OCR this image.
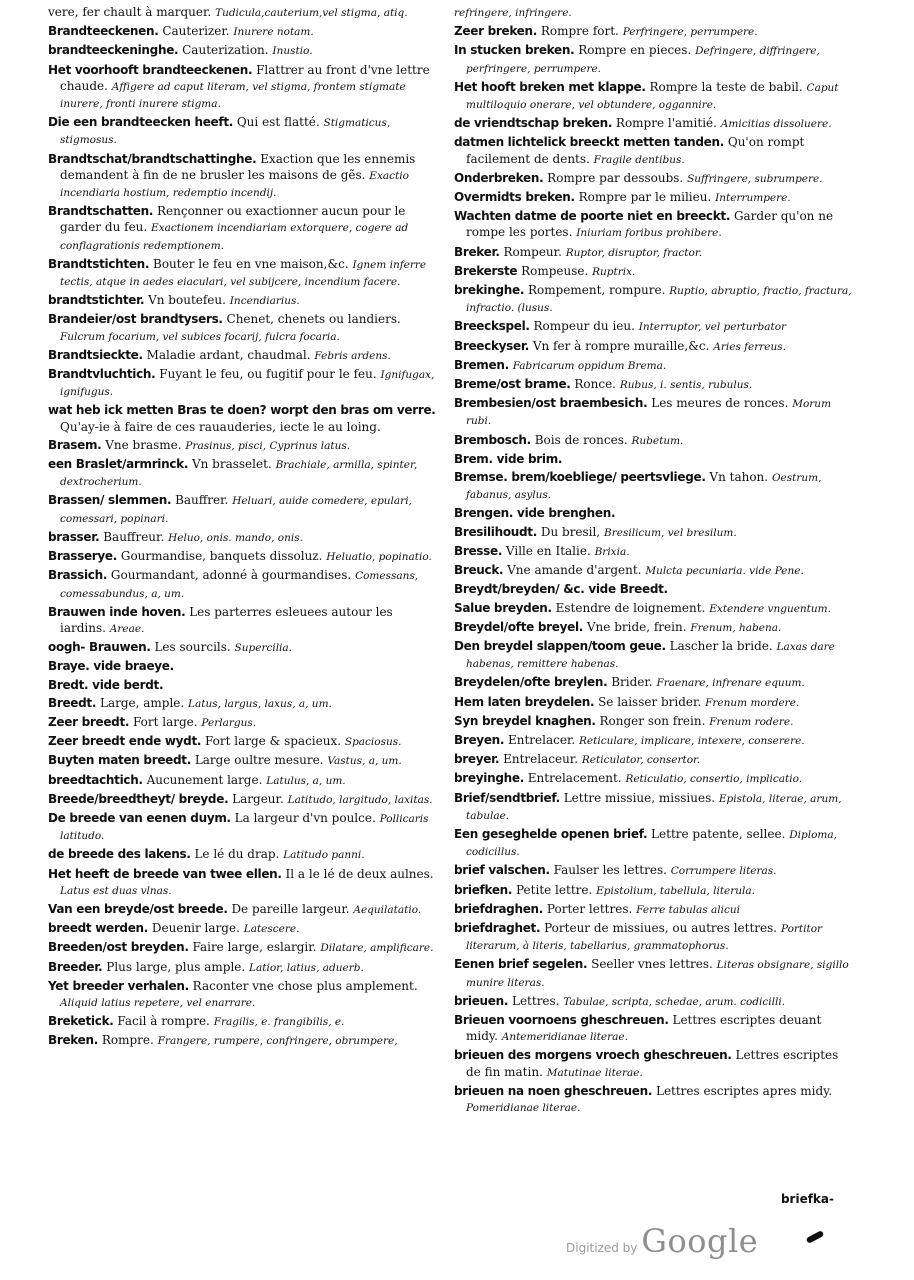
vere, fer chault à marquer. Tudicula,cauterium,vel stigma, atiq.

Brandteeckenen. Cauterizer. Inurere notam.

brandteeckeninghe. Cauterization. Inustio.

Het voorhooft brandteeckenen. Flattrer au front d'vne lettre chaude. Affigere ad caput literam, vel stigma, frontem stigmate inurere, fronti inurere stigma.

Die een brandteecken heeft. Qui est flatté. Stigmaticus, stigmosus.

Brandtschat/brandtschattinghe. Exaction que les ennemis demandent à fin de ne brusler les maisons de gẽs. Exactio incendiaria hostium, redemptio incendij.

Brandtschatten. Rençonner ou exactionner aucun pour le garder du feu. Exactionem incendiariam extorquere, cogere ad conflagrationis redemptionem.

Brandtstichten. Bouter le feu en vne maison,&c. Ignem inferre tectis, atque in aedes eiaculari, vel subijcere, incendium facere.

brandtstichter. Vn boutefeu. Incendiarius.

Brandeier/ost brandtysers. Chenet, chenets ou landiers. Fulcrum focarium, vel subices focarij, fulcra focaria.

Brandtsieckte. Maladie ardant, chaudmal. Febris ardens.

Brandtvluchtich. Fuyant le feu, ou fugitif pour le feu. Ignifugax, ignifugus.

wat heb ick metten Bras te doen? worpt den bras om verre. Qu'ay-ie à faire de ces rauauderies, iecte le au loing.

Brasem. Vne brasme. Prasinus, pisci, Cyprinus latus.

een Braslet/armrinck. Vn brasselet. Brachiale, armilla, spinter, dextrocherium.

Brassen/ slemmen. Bauffrer. Heluari, auide comedere, epulari, comessari, popinari.

brasser. Bauffreur. Heluo, onis. mando, onis.

Brasserye. Gourmandise, banquets dissoluz. Heluatio, popinatio.

Brassich. Gourmandant, adonné à gourmandises. Comessans, comessabundus, a, um.

Brauwen inde hoven. Les parterres esleuees autour les iardins. Areae.

oogh- Brauwen. Les sourcils. Supercilia.

Braye. vide braeye.

Bredt. vide berdt.

Breedt. Large, ample. Latus, largus, laxus, a, um.

Zeer breedt. Fort large. Perlargus.

Zeer breedt ende wydt. Fort large & spacieux. Spaciosus.

Buyten maten breedt. Large oultre mesure. Vastus, a, um.

breedtachtich. Aucunement large. Latulus, a, um.

Breede/breedtheyt/ breyde. Largeur. Latitudo, largitudo, laxitas.

De breede van eenen duym. La largeur d'vn poulce. Pollicaris latitudo.

de breede des lakens. Le lé du drap. Latitudo panni.

Het heeft de breede van twee ellen. Il a le lé de deux aulnes. Latus est duas vlnas.

Van een breyde/ost breede. De pareille largeur. Aequilatatio.

breedt werden. Deuenir large. Latescere.

Breeden/ost breyden. Faire large, eslargir. Dilatare, amplificare.

Breeder. Plus large, plus ample. Latior, latius, aduerb.

Yet breeder verhalen. Raconter vne chose plus amplement. Aliquid latius repetere, vel enarrare.

Breketick. Facil à rompre. Fragilis, e. frangibilis, e.

Breken. Rompre. Frangere, rumpere, confringere, obrumpere,

refringere, infringere.

Zeer breken. Rompre fort. Perfringere, perrumpere.

In stucken breken. Rompre en pieces. Defringere, diffringere, perfringere, perrumpere.

Het hooft breken met klappe. Rompre la teste de babil. Caput multiloquio onerare, vel obtundere, oggannire.

de vriendtschap breken. Rompre l'amitié. Amicitias dissoluere.

datmen lichtelick breeckt metten tanden. Qu'on rompt facilement de dents. Fragile dentibus.

Onderbreken. Rompre par dessoubs. Suffringere, subrumpere.

Overmidts breken. Rompre par le milieu. Interrumpere.

Wachten datme de poorte niet en breeckt. Garder qu'on ne rompe les portes. Iniuriam foribus prohibere.

Breker. Rompeur. Ruptor, disruptor, fractor.

Brekerste Rompeuse. Ruptrix.

brekinghe. Rompement, rompure. Ruptio, abruptio, fractio, fractura, infractio. (lusus.

Breeckspel. Rompeur du ieu. Interruptor, vel perturbator

Breeckyser. Vn fer à rompre muraille,&c. Aries ferreus.

Bremen. Fabricarum oppidum Brema.

Breme/ost brame. Ronce. Rubus, i. sentis, rubulus.

Brembesien/ost braembesich. Les meures de ronces. Morum rubi.

Brembosch. Bois de ronces. Rubetum.

Brem. vide brim.

Bremse. brem/koebliege/ peertsvliege. Vn tahon. Oestrum, fabanus, asylus.

Brengen. vide brenghen.

Bresilihoudt. Du bresil, Bresilicum, vel bresilum.

Bresse. Ville en Italie. Brixia.

Breuck. Vne amande d'argent. Mulcta pecuniaria. vide Pene.

Breydt/breyden/ &c. vide Breedt.

Salue breyden. Estendre de loignement. Extendere vnguentum.

Breydel/ofte breyel. Vne bride, frein. Frenum, habena.

Den breydel slappen/toom geue. Lascher la bride. Laxas dare habenas, remittere habenas.

Breydelen/ofte breylen. Brider. Fraenare, infrenare equum.

Hem laten breydelen. Se laisser brider. Frenum mordere.

Syn breydel knaghen. Ronger son frein. Frenum rodere.

Breyen. Entrelacer. Reticulare, implicare, intexere, conserere.

breyer. Entrelaceur. Reticulator, consertor.

breyinghe. Entrelacement. Reticulatio, consertio, implicatio.

Brief/sendtbrief. Lettre missiue, missiues. Epistola, literae, arum, tabulae.

Een geseghelde openen brief. Lettre patente, sellee. Diploma, codicillus.

brief valschen. Faulser les lettres. Corrumpere literas.

briefken. Petite lettre. Epistolium, tabellula, literula.

briefdraghen. Porter lettres. Ferre tabulas alicui

briefdraghet. Porteur de missiues, ou autres lettres. Portitor literarum, à literis, tabellarius, grammatophorus.

Eenen brief segelen. Seeller vnes lettres. Literas obsignare, sigillo munire literas.

brieuen. Lettres. Tabulae, scripta, schedae, arum. codicilli.

Brieuen voornoens gheschreuen. Lettres escriptes deuant midy. Antemeridianae literae.

brieuen des morgens vroech gheschreuen. Lettres escriptes de fin matin. Matutinae literae.

brieuen na noen gheschreuen. Lettres escriptes apres midy. Pomeridianae literae.

briefka-
Digitized by Google
